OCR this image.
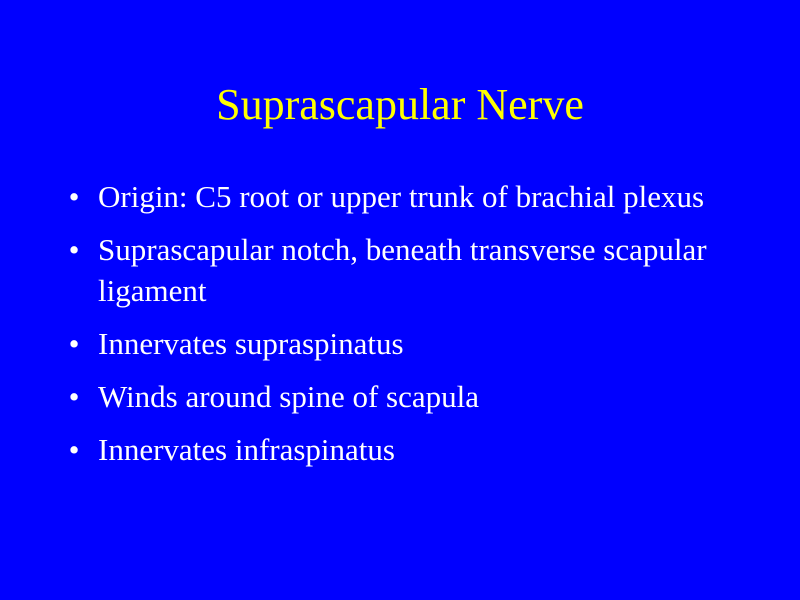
Suprascapular Nerve
• Origin: C5 root or upper trunk of brachial plexus
• Suprascapular notch, beneath transverse scapular ligament
• Innervates supraspinatus
• Winds around spine of scapula
• Innervates infraspinatus
